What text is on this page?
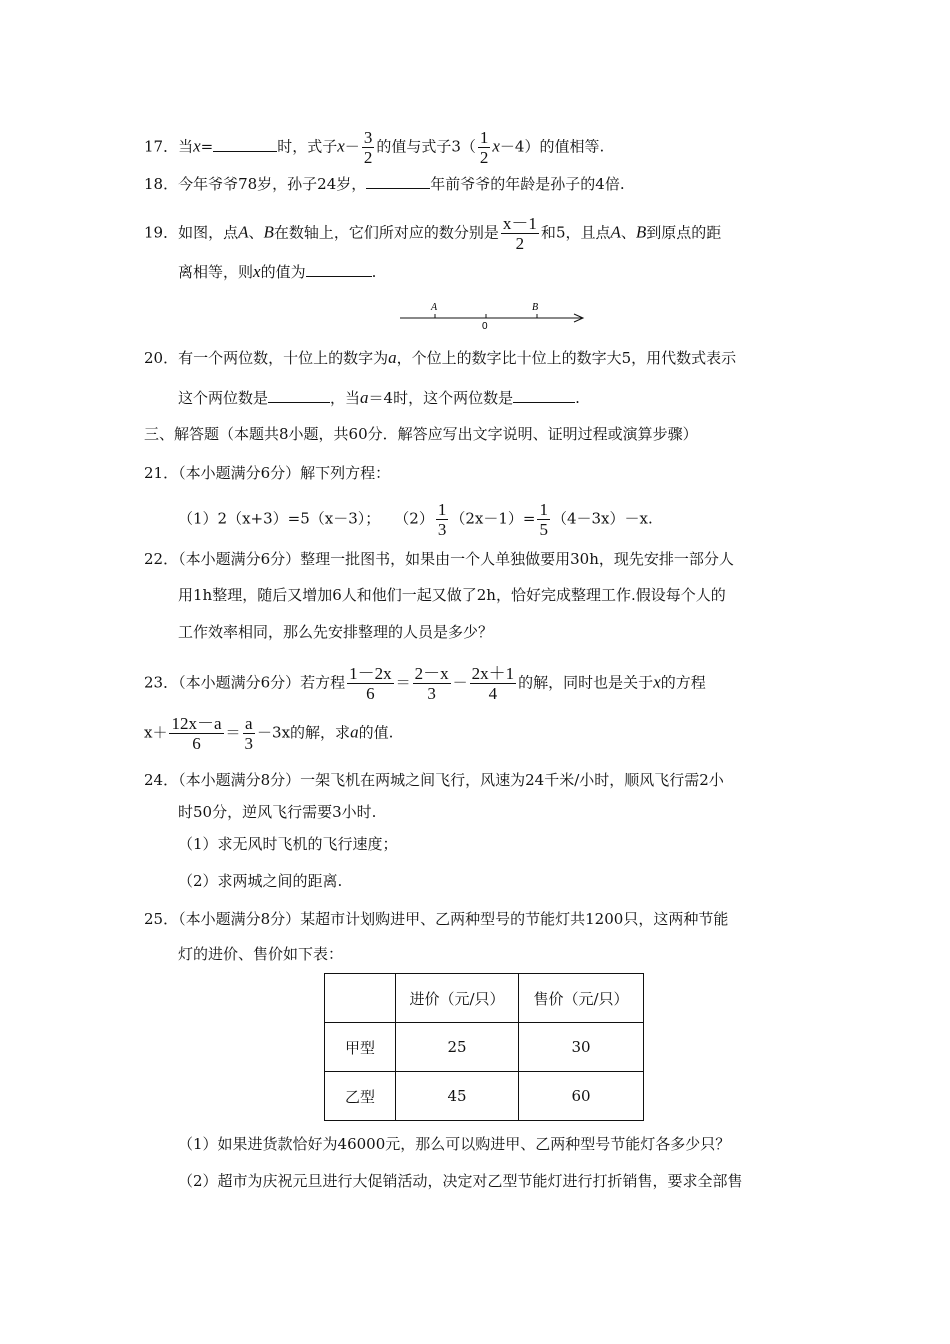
17．当x=	时，式子$x- \frac{3}{2}$ 的值与式子$3( \frac{1}{2} x-4)$的值相等.
18．今年爷爷78岁，孙子24岁，	年前爷爷的年龄是孙子的4倍.
19．如图，点A、B在数轴上，它们所对应的数分别是 $\frac{x-1}{2}$ 和5，且点A、B到原点的距
离相等，则x的值为	.
A	B
0
20．有一个两位数，十位上的数字为a，个位上的数字比十位上的数字大5，用代数式表示
这个两位数是	，当a＝4时，这个两位数是	.
三、解答题（本题共8小题，共60分．解答应写出文字说明、证明过程或演算步骤）
21．（本小题满分6分）解下列方程：
（1）2（x+3）=5（x－3）； $(2) \frac{1}{3} (2x-1)= \frac{1}{5} (4-3x)-x$.
22．（本小题满分6分）整理一批图书，如果由一个人单独做要用30h，现先安排一部分人
用1h整理，随后又增加6人和他们一起又做了2h，恰好完成整理工作.假设每个人的
工作效率相同，那么先安排整理的人员是多少？
23．（本小题满分6分）若方程 $\frac{1-2x}{6} = \frac{2-x}{3} - \frac{2x+1}{4}$ 的解，同时也是关于x的方程
$x+ \frac{12x-a}{6} = \frac{a}{3} -3x$的解，求a的值.
24．（本小题满分8分）一架飞机在两城之间飞行，风速为24千米/小时，顺风飞行需2小
时50分，逆风飞行需要3小时.
（1）求无风时飞机的飞行速度；
（2）求两城之间的距离.
25．（本小题满分8分）某超市计划购进甲、乙两种型号的节能灯共1200只，这两种节能
灯的进价、售价如下表：
	进价（元/只）	售价（元/只）
甲型	25	30
乙型	45	60
（1）如果进货款恰好为46000元，那么可以购进甲、乙两种型号节能灯各多少只？
（2）超市为庆祝元旦进行大促销活动，决定对乙型节能灯进行打折销售，要求全部售
